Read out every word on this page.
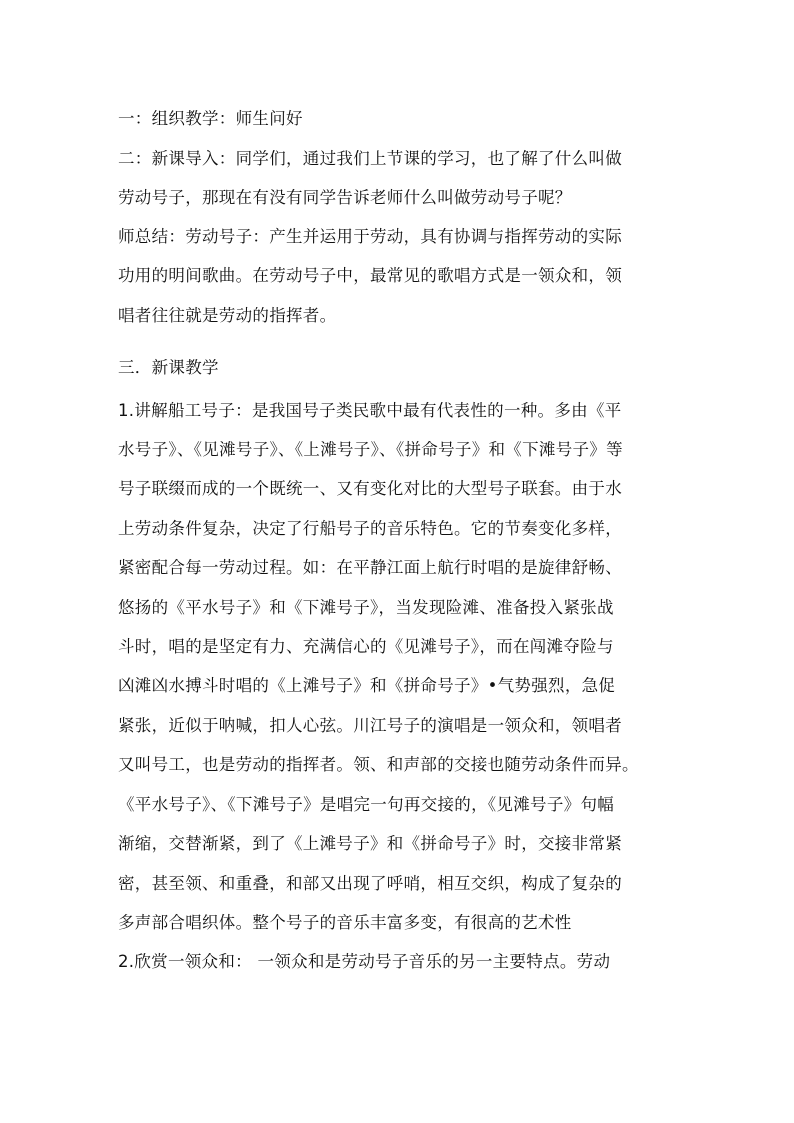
一：组织教学：师生问好
二：新课导入：同学们，通过我们上节课的学习，也了解了什么叫做
劳动号子，那现在有没有同学告诉老师什么叫做劳动号子呢？
师总结：劳动号子：产生并运用于劳动，具有协调与指挥劳动的实际
功用的明间歌曲。在劳动号子中，最常见的歌唱方式是一领众和，领
唱者往往就是劳动的指挥者。
三．新课教学
1.讲解船工号子：是我国号子类民歌中最有代表性的一种。多由《平
水号子》、《见滩号子》、《上滩号子》、《拼命号子》和《下滩号子》等
号子联缀而成的一个既统一、又有变化对比的大型号子联套。由于水
上劳动条件复杂，决定了行船号子的音乐特色。它的节奏变化多样，
紧密配合每一劳动过程。如：在平静江面上航行时唱的是旋律舒畅、
悠扬的《平水号子》和《下滩号子》，当发现险滩、准备投入紧张战
斗时，唱的是坚定有力、充满信心的《见滩号子》，而在闯滩夺险与
凶滩凶水搏斗时唱的《上滩号子》和《拼命号子》•气势强烈，急促
紧张，近似于呐喊，扣人心弦。川江号子的演唱是一领众和，领唱者
又叫号工，也是劳动的指挥者。领、和声部的交接也随劳动条件而异。
《平水号子》、《下滩号子》是唱完一句再交接的，《见滩号子》句幅
渐缩，交替渐紧，到了《上滩号子》和《拼命号子》时，交接非常紧
密，甚至领、和重叠，和部又出现了呼哨，相互交织，构成了复杂的
多声部合唱织体。整个号子的音乐丰富多变，有很高的艺术性
2.欣赏一领众和： 一领众和是劳动号子音乐的另一主要特点。劳动
